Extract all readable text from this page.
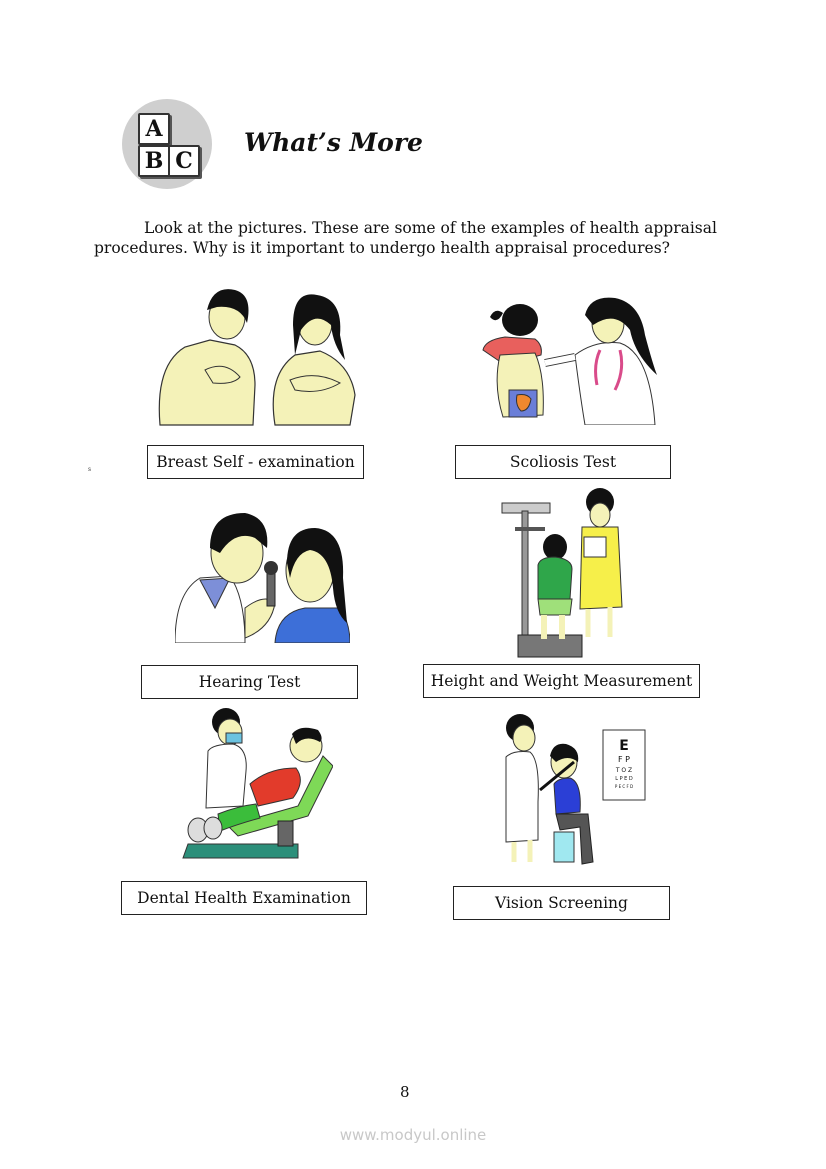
A
B C
What’s More
Look at the pictures. These are some of the examples of health appraisal procedures. Why is it important to undergo health appraisal procedures?
Breast Self - examination
s	Scoliosis Test
Hearing Test	Height and Weight Measurement
Dental Health Examination
E
F P
T O Z
L P E D
P E C F D
Vision Screening
8
www.modyul.online
